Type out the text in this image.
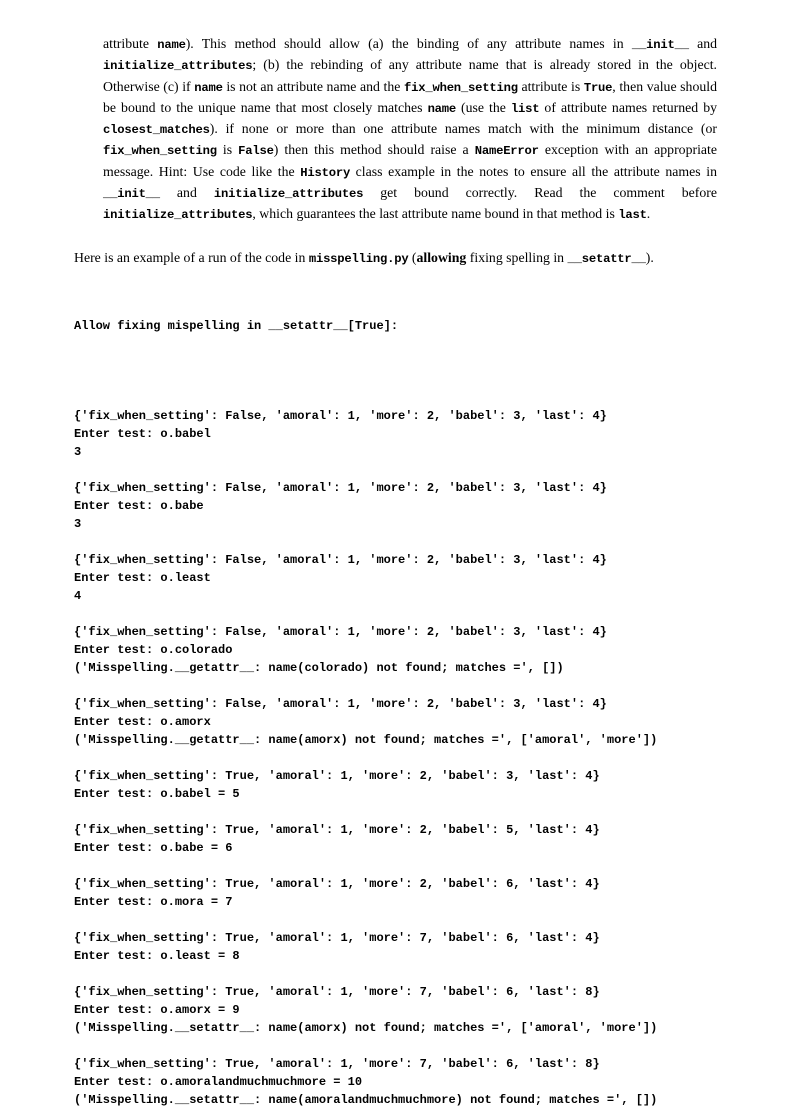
attribute name). This method should allow (a) the binding of any attribute names in __init__ and initialize_attributes; (b) the rebinding of any attribute name that is already stored in the object. Otherwise (c) if name is not an attribute name and the fix_when_setting attribute is True, then value should be bound to the unique name that most closely matches name (use the list of attribute names returned by closest_matches). if none or more than one attribute names match with the minimum distance (or fix_when_setting is False) then this method should raise a NameError exception with an appropriate message. Hint: Use code like the History class example in the notes to ensure all the attribute names in __init__ and initialize_attributes get bound correctly. Read the comment before initialize_attributes, which guarantees the last attribute name bound in that method is last.

Here is an example of a run of the code in misspelling.py (allowing fixing spelling in __setattr__).

Allow fixing mispelling in __setattr__[True]:

{'fix_when_setting': False, 'amoral': 1, 'more': 2, 'babel': 3, 'last': 4}
Enter test: o.babel
3
{'fix_when_setting': False, 'amoral': 1, 'more': 2, 'babel': 3, 'last': 4}
Enter test: o.babe
3
{'fix_when_setting': False, 'amoral': 1, 'more': 2, 'babel': 3, 'last': 4}
Enter test: o.least
4
{'fix_when_setting': False, 'amoral': 1, 'more': 2, 'babel': 3, 'last': 4}
Enter test: o.colorado
('Misspelling.__getattr__: name(colorado) not found; matches =', [])
{'fix_when_setting': False, 'amoral': 1, 'more': 2, 'babel': 3, 'last': 4}
Enter test: o.amorx
('Misspelling.__getattr__: name(amorx) not found; matches =', ['amoral', 'more'])
{'fix_when_setting': True, 'amoral': 1, 'more': 2, 'babel': 3, 'last': 4}
Enter test: o.babel = 5
{'fix_when_setting': True, 'amoral': 1, 'more': 2, 'babel': 5, 'last': 4}
Enter test: o.babe = 6
{'fix_when_setting': True, 'amoral': 1, 'more': 2, 'babel': 6, 'last': 4}
Enter test: o.mora = 7
{'fix_when_setting': True, 'amoral': 1, 'more': 7, 'babel': 6, 'last': 4}
Enter test: o.least = 8
{'fix_when_setting': True, 'amoral': 1, 'more': 7, 'babel': 6, 'last': 8}
Enter test: o.amorx = 9
('Misspelling.__setattr__: name(amorx) not found; matches =', ['amoral', 'more'])
{'fix_when_setting': True, 'amoral': 1, 'more': 7, 'babel': 6, 'last': 8}
Enter test: o.amoralandmuchmuchmore = 10
('Misspelling.__setattr__: name(amoralandmuchmuchmore) not found; matches =', [])
